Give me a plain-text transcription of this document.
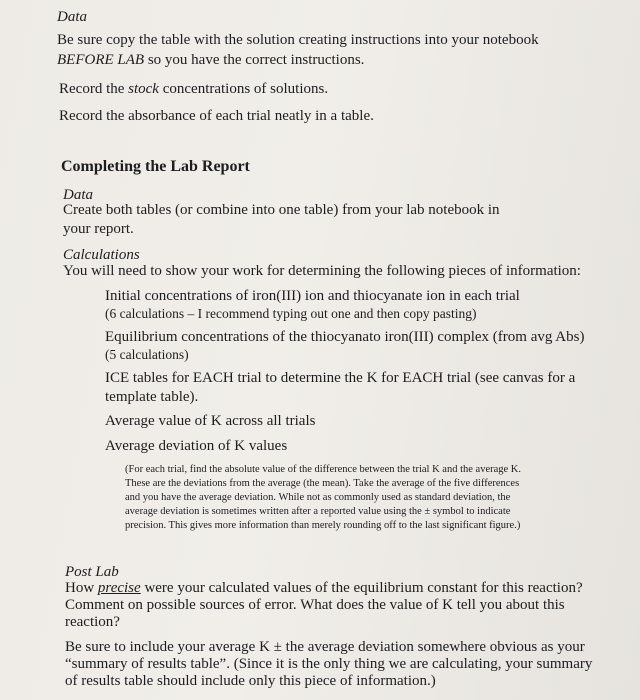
Data

Be sure copy the table with the solution creating instructions into your notebook

BEFORE LAB so you have the correct instructions.

Record the stock concentrations of solutions.

Record the absorbance of each trial neatly in a table.

Completing the Lab Report

Data

Create both tables (or combine into one table) from your lab notebook in

your report.

Calculations

You will need to show your work for determining the following pieces of information:

Initial concentrations of iron(III) ion and thiocyanate ion in each trial

(6 calculations – I recommend typing out one and then copy pasting)

Equilibrium concentrations of the thiocyanato iron(III) complex (from avg Abs)

(5 calculations)

ICE tables for EACH trial to determine the K for EACH trial (see canvas for a

template table).

Average value of K across all trials

Average deviation of K values

(For each trial, find the absolute value of the difference between the trial K and the average K.

These are the deviations from the average (the mean). Take the average of the five differences

and you have the average deviation. While not as commonly used as standard deviation, the

average deviation is sometimes written after a reported value using the ± symbol to indicate

precision. This gives more information than merely rounding off to the last significant figure.)

Post Lab

How precise were your calculated values of the equilibrium constant for this reaction?

Comment on possible sources of error. What does the value of K tell you about this

reaction?

Be sure to include your average K ± the average deviation somewhere obvious as your

“summary of results table”. (Since it is the only thing we are calculating, your summary

of results table should include only this piece of information.)
